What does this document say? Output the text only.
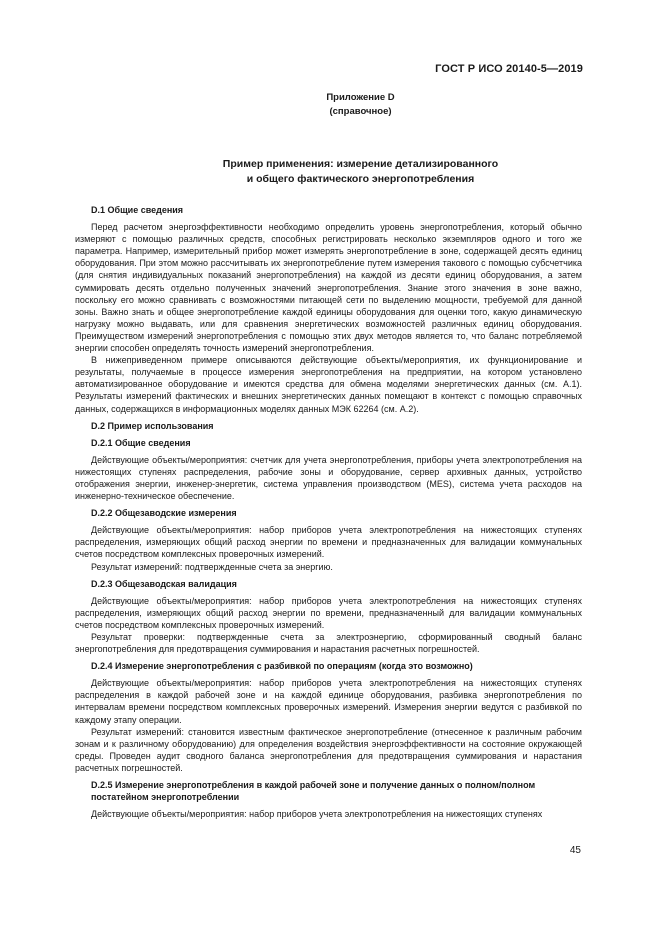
ГОСТ Р ИСО 20140-5—2019
Приложение D
(справочное)
Пример применения: измерение детализированного
и общего фактического энергопотребления
D.1 Общие сведения
Перед расчетом энергоэффективности необходимо определить уровень энергопотребления, который обычно измеряют с помощью различных средств, способных регистрировать несколько экземпляров одного и того же параметра. Например, измерительный прибор может измерять энергопотребление в зоне, содержащей десять единиц оборудования. При этом можно рассчитывать их энергопотребление путем измерения такового с помощью субсчетчика (для снятия индивидуальных показаний энергопотребления) на каждой из десяти единиц оборудования, а затем суммировать десять отдельно полученных значений энергопотребления. Знание этого значения в зоне важно, поскольку его можно сравнивать с возможностями питающей сети по выделению мощности, требуемой для данной зоны. Важно знать и общее энергопотребление каждой единицы оборудования для оценки того, какую динамическую нагрузку можно выдавать, или для сравнения энергетических возможностей различных единиц оборудования. Преимуществом измерений энергопотребления с помощью этих двух методов является то, что баланс потребляемой энергии способен определять точность измерений энергопотребления.
В нижеприведенном примере описываются действующие объекты/мероприятия, их функционирование и результаты, получаемые в процессе измерения энергопотребления на предприятии, на котором установлено автоматизированное оборудование и имеются средства для обмена моделями энергетических данных (см. А.1). Результаты измерений фактических и внешних энергетических данных помещают в контекст с помощью справочных данных, содержащихся в информационных моделях данных МЭК 62264 (см. А.2).
D.2 Пример использования
D.2.1 Общие сведения
Действующие объекты/мероприятия: счетчик для учета энергопотребления, приборы учета электропотребления на нижестоящих ступенях распределения, рабочие зоны и оборудование, сервер архивных данных, устройство отображения энергии, инженер-энергетик, система управления производством (MES), система учета расходов на инженерно-техническое обеспечение.
D.2.2 Общезаводские измерения
Действующие объекты/мероприятия: набор приборов учета электропотребления на нижестоящих ступенях распределения, измеряющих общий расход энергии по времени и предназначенных для валидации коммунальных счетов посредством комплексных проверочных измерений.
Результат измерений: подтвержденные счета за энергию.
D.2.3 Общезаводская валидация
Действующие объекты/мероприятия: набор приборов учета электропотребления на нижестоящих ступенях распределения, измеряющих общий расход энергии по времени, предназначенный для валидации коммунальных счетов посредством комплексных проверочных измерений.
Результат проверки: подтвержденные счета за электроэнергию, сформированный сводный баланс энергопотребления для предотвращения суммирования и нарастания расчетных погрешностей.
D.2.4 Измерение энергопотребления с разбивкой по операциям (когда это возможно)
Действующие объекты/мероприятия: набор приборов учета электропотребления на нижестоящих ступенях распределения в каждой рабочей зоне и на каждой единице оборудования, разбивка энергопотребления по интервалам времени посредством комплексных проверочных измерений. Измерения энергии ведутся с разбивкой по каждому этапу операции.
Результат измерений: становится известным фактическое энергопотребление (отнесенное к различным рабочим зонам и к различному оборудованию) для определения воздействия энергоэффективности на состояние окружающей среды. Проведен аудит сводного баланса энергопотребления для предотвращения суммирования и нарастания расчетных погрешностей.
D.2.5 Измерение энергопотребления в каждой рабочей зоне и получение данных о полном/полном постатейном энергопотреблении
Действующие объекты/мероприятия: набор приборов учета электропотребления на нижестоящих ступенях
45
